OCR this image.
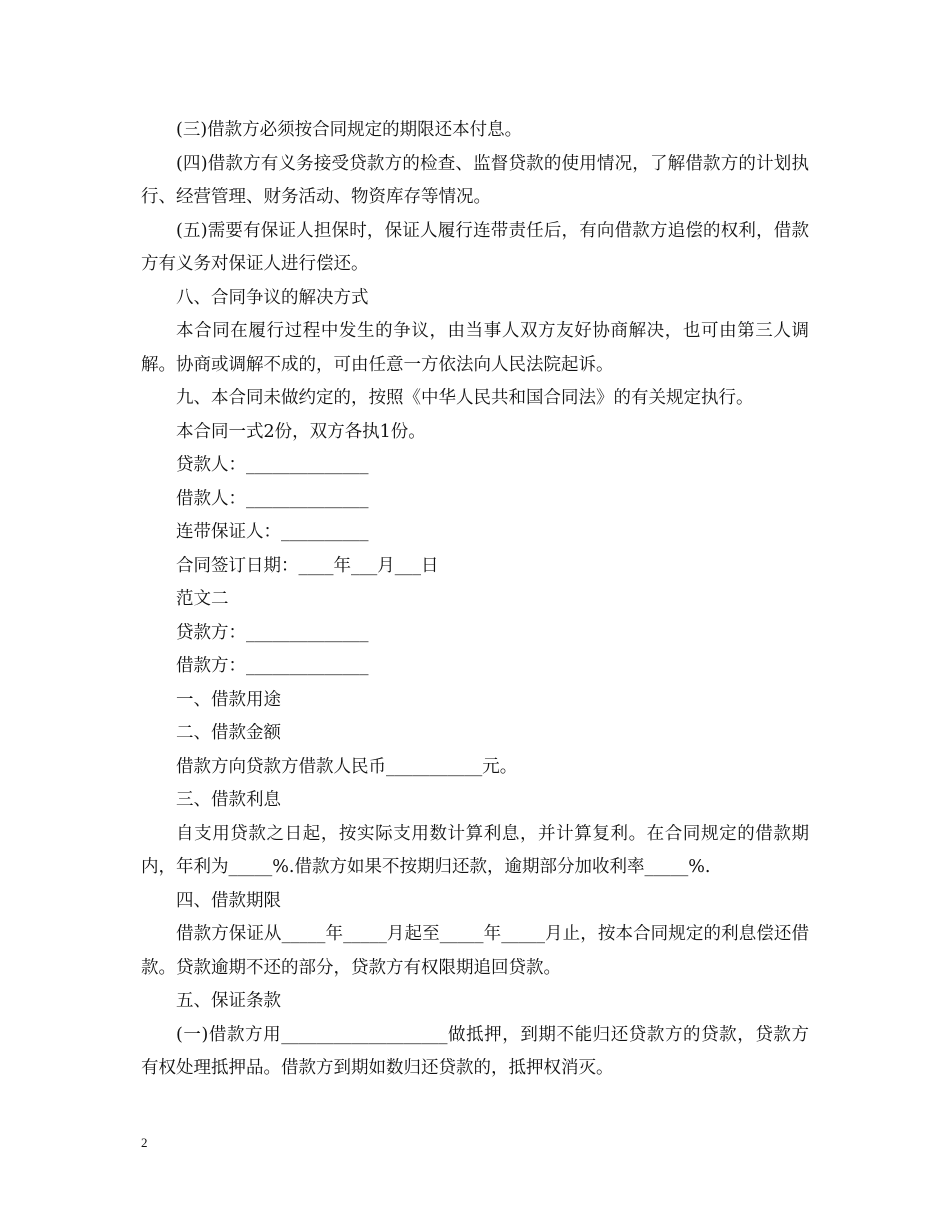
(三)借款方必须按合同规定的期限还本付息。

(四)借款方有义务接受贷款方的检查、监督贷款的使用情况，了解借款方的计划执行、经营管理、财务活动、物资库存等情况。

(五)需要有保证人担保时，保证人履行连带责任后，有向借款方追偿的权利，借款方有义务对保证人进行偿还。

八、合同争议的解决方式

本合同在履行过程中发生的争议，由当事人双方友好协商解决，也可由第三人调解。协商或调解不成的，可由任意一方依法向人民法院起诉。

九、本合同未做约定的，按照《中华人民共和国合同法》的有关规定执行。

本合同一式2份，双方各执1份。

贷款人：______________

借款人：______________

连带保证人：__________

合同签订日期：____年___月___日

范文二

贷款方：______________

借款方：______________

一、借款用途

二、借款金额

借款方向贷款方借款人民币___________元。

三、借款利息

自支用贷款之日起，按实际支用数计算利息，并计算复利。在合同规定的借款期内，年利为_____%.借款方如果不按期归还款，逾期部分加收利率_____%.

四、借款期限

借款方保证从_____年_____月起至_____年_____月止，按本合同规定的利息偿还借款。贷款逾期不还的部分，贷款方有权限期追回贷款。

五、保证条款

(一)借款方用___________________做抵押，到期不能归还贷款方的贷款，贷款方有权处理抵押品。借款方到期如数归还贷款的，抵押权消灭。

2
